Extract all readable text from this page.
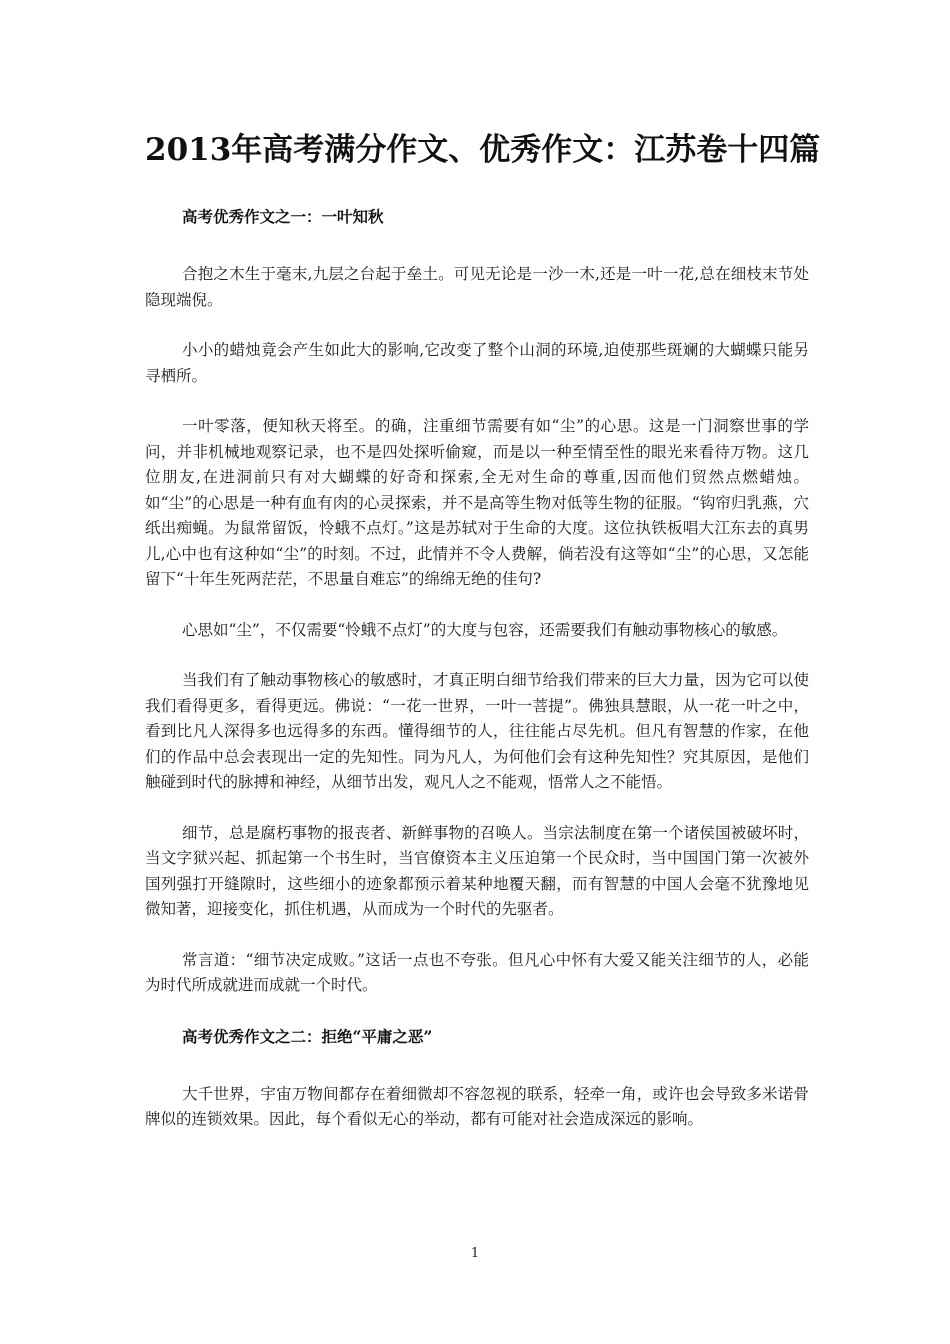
2013年高考满分作文、优秀作文：江苏卷十四篇

高考优秀作文之一：一叶知秋

合抱之木生于毫末,九层之台起于垒土。可见无论是一沙一木,还是一叶一花,总在细枝末节处隐现端倪。

小小的蜡烛竟会产生如此大的影响,它改变了整个山洞的环境,迫使那些斑斓的大蝴蝶只能另寻栖所。

一叶零落，便知秋天将至。的确，注重细节需要有如“尘”的心思。这是一门洞察世事的学问，并非机械地观察记录，也不是四处探听偷窥，而是以一种至情至性的眼光来看待万物。这几位朋友,在进洞前只有对大蝴蝶的好奇和探索,全无对生命的尊重,因而他们贸然点燃蜡烛。如“尘”的心思是一种有血有肉的心灵探索，并不是高等生物对低等生物的征服。“钩帘归乳燕，穴纸出痴蝇。为鼠常留饭，怜蛾不点灯。”这是苏轼对于生命的大度。这位执铁板唱大江东去的真男儿,心中也有这种如“尘”的时刻。不过，此情并不令人费解，倘若没有这等如“尘”的心思，又怎能留下“十年生死两茫茫，不思量自难忘”的绵绵无绝的佳句?

心思如“尘”，不仅需要“怜蛾不点灯”的大度与包容，还需要我们有触动事物核心的敏感。

当我们有了触动事物核心的敏感时，才真正明白细节给我们带来的巨大力量，因为它可以使我们看得更多，看得更远。佛说：“一花一世界，一叶一菩提”。佛独具慧眼，从一花一叶之中，看到比凡人深得多也远得多的东西。懂得细节的人，往往能占尽先机。但凡有智慧的作家，在他们的作品中总会表现出一定的先知性。同为凡人，为何他们会有这种先知性？究其原因，是他们触碰到时代的脉搏和神经，从细节出发，观凡人之不能观，悟常人之不能悟。

细节，总是腐朽事物的报丧者、新鲜事物的召唤人。当宗法制度在第一个诸侯国被破坏时，当文字狱兴起、抓起第一个书生时，当官僚资本主义压迫第一个民众时，当中国国门第一次被外国列强打开缝隙时，这些细小的迹象都预示着某种地覆天翻，而有智慧的中国人会毫不犹豫地见微知著，迎接变化，抓住机遇，从而成为一个时代的先驱者。

常言道：“细节决定成败。”这话一点也不夸张。但凡心中怀有大爱又能关注细节的人，必能为时代所成就进而成就一个时代。

高考优秀作文之二：拒绝“平庸之恶”

大千世界，宇宙万物间都存在着细微却不容忽视的联系，轻牵一角，或许也会导致多米诺骨牌似的连锁效果。因此，每个看似无心的举动，都有可能对社会造成深远的影响。

1
